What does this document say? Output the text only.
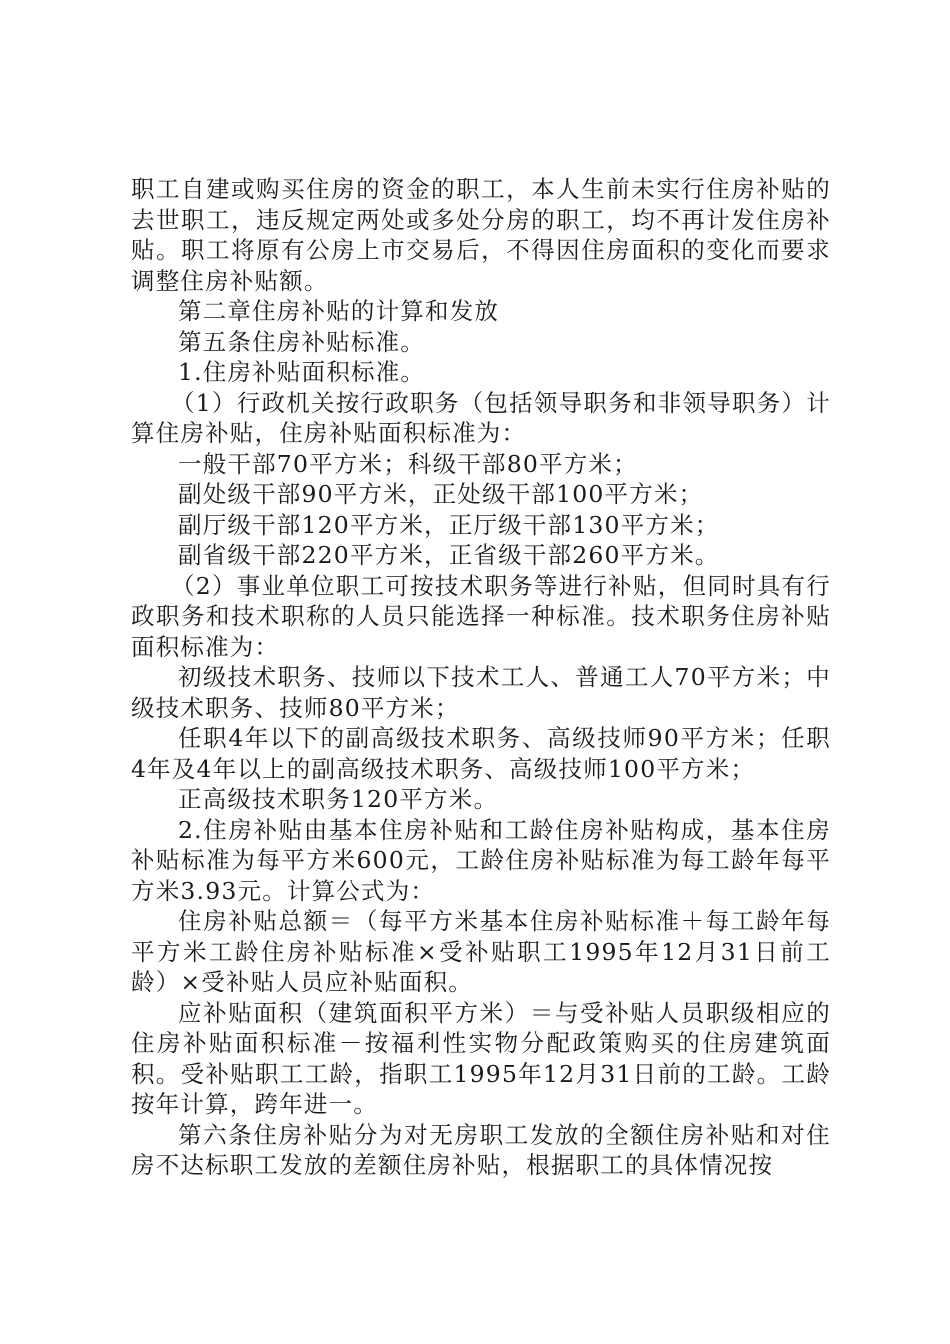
职工自建或购买住房的资金的职工，本人生前未实行住房补贴的去世职工，违反规定两处或多处分房的职工，均不再计发住房补贴。职工将原有公房上市交易后，不得因住房面积的变化而要求调整住房补贴额。

第二章住房补贴的计算和发放

第五条住房补贴标准。

1.住房补贴面积标准。

（1）行政机关按行政职务（包括领导职务和非领导职务）计算住房补贴，住房补贴面积标准为：

一般干部70平方米；科级干部80平方米；

副处级干部90平方米，正处级干部100平方米；

副厅级干部120平方米，正厅级干部130平方米；

副省级干部220平方米，正省级干部260平方米。

（2）事业单位职工可按技术职务等进行补贴，但同时具有行政职务和技术职称的人员只能选择一种标准。技术职务住房补贴面积标准为：

初级技术职务、技师以下技术工人、普通工人70平方米；中级技术职务、技师80平方米；

任职4年以下的副高级技术职务、高级技师90平方米；任职4年及4年以上的副高级技术职务、高级技师100平方米；

正高级技术职务120平方米。

2.住房补贴由基本住房补贴和工龄住房补贴构成，基本住房补贴标准为每平方米600元，工龄住房补贴标准为每工龄年每平方米3.93元。计算公式为：

住房补贴总额＝（每平方米基本住房补贴标准＋每工龄年每平方米工龄住房补贴标准×受补贴职工1995年12月31日前工龄）×受补贴人员应补贴面积。

应补贴面积（建筑面积平方米）＝与受补贴人员职级相应的住房补贴面积标准－按福利性实物分配政策购买的住房建筑面积。受补贴职工工龄，指职工1995年12月31日前的工龄。工龄按年计算，跨年进一。

第六条住房补贴分为对无房职工发放的全额住房补贴和对住房不达标职工发放的差额住房补贴，根据职工的具体情况按
